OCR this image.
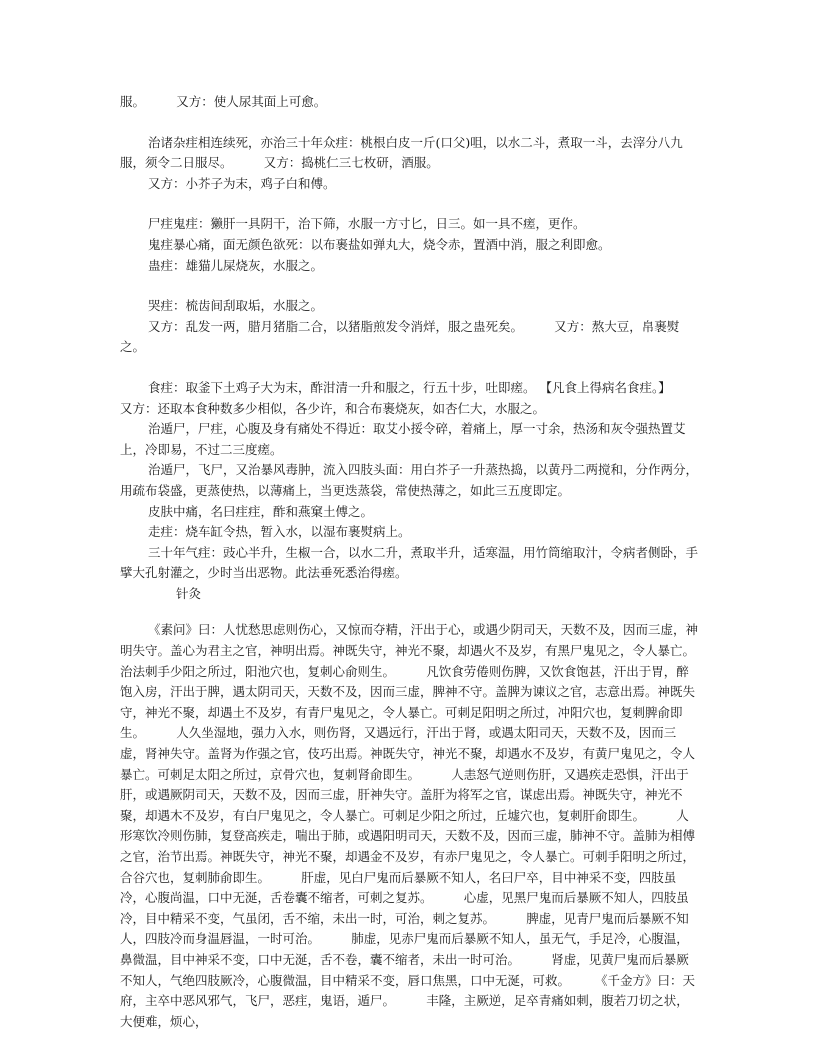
服。　　　又方：使人尿其面上可愈。

治诸杂疰相连续死，亦治三十年众疰：桃根白皮一斤(口父)咀，以水二斗，煮取一斗，去滓分八九服，须令二日服尽。　　　又方：捣桃仁三七枚研，酒服。

又方：小芥子为末，鸡子白和傅。

尸疰鬼疰：獭肝一具阴干，治下筛，水服一方寸匕，日三。如一具不瘥，更作。

鬼疰暴心痛，面无颜色欲死：以布裹盐如弹丸大，烧令赤，置酒中消，服之利即愈。

蛊疰：雄猫儿屎烧灰，水服之。

哭疰：梳齿间刮取垢，水服之。

又方：乱发一两，腊月猪脂二合，以猪脂煎发令消烊，服之蛊死矣。　　　又方：熬大豆，帛裹熨之。

食疰：取釜下土鸡子大为末，酢泔清一升和服之，行五十步，吐即瘥。 【凡食上得病名食疰。】　　又方：还取本食种数多少相似，各少许，和合布裹烧灰，如杏仁大，水服之。

治遁尸，尸疰，心腹及身有痛处不得近：取艾小挼令碎，着痛上，厚一寸余，热汤和灰令强热置艾上，冷即易，不过二三度瘥。

治遁尸，飞尸，又治暴风毒肿，流入四肢头面：用白芥子一升蒸热捣，以黄丹二两搅和，分作两分，用疏布袋盛，更蒸使热，以薄痛上，当更迭蒸袋，常使热薄之，如此三五度即定。

皮肤中痛，名曰疰疰，酢和燕窠土傅之。

走疰：烧车缸令热，暂入水，以湿布裹熨病上。

三十年气疰：豉心半升，生椒一合，以水二升，煮取半升，适寒温，用竹筒缩取汁，令病者侧卧，手擘大孔射灌之，少时当出恶物。此法垂死悉治得瘥。

针灸

《素问》曰：人忧愁思虑则伤心，又惊而夺精，汗出于心，或遇少阴司天，天数不及，因而三虚，神明失守。盖心为君主之官，神明出焉。神既失守，神光不聚，却遇火不及岁，有黑尸鬼见之，令人暴亡。治法刺手少阳之所过，阳池穴也，复刺心俞则生。　　　凡饮食劳倦则伤脾，又饮食饱甚，汗出于胃，醉饱入房，汗出于脾，遇太阴司天，天数不及，因而三虚，脾神不守。盖脾为谏议之官，志意出焉。神既失守，神光不聚，却遇土不及岁，有青尸鬼见之，令人暴亡。可刺足阳明之所过，冲阳穴也，复刺脾俞即生。　　　人久坐湿地，强力入水，则伤肾，又遇远行，汗出于肾，或遇太阳司天，天数不及，因而三虚，肾神失守。盖肾为作强之官，伎巧出焉。神既失守，神光不聚，却遇水不及岁，有黄尸鬼见之，令人暴亡。可刺足太阳之所过，京骨穴也，复刺肾俞即生。　　　人恚怒气逆则伤肝，又遇疾走恐惧，汗出于肝，或遇厥阴司天，天数不及，因而三虚，肝神失守。盖肝为将军之官，谋虑出焉。神既失守，神光不聚，却遇木不及岁，有白尸鬼见之，令人暴亡。可刺足少阳之所过，丘墟穴也，复刺肝俞即生。　　　人形寒饮冷则伤肺，复登高疾走，喘出于肺，或遇阳明司天，天数不及，因而三虚，肺神不守。盖肺为相傅之官，治节出焉。神既失守，神光不聚，却遇金不及岁，有赤尸鬼见之，令人暴亡。可刺手阳明之所过，合谷穴也，复刺肺俞即生。　　　肝虚，见白尸鬼而后暴厥不知人，名曰尸卒，目中神采不变，四肢虽冷，心腹尚温，口中无涎，舌卷囊不缩者，可刺之复苏。　　　心虚，见黑尸鬼而后暴厥不知人，四肢虽冷，目中精采不变，气虽闭，舌不缩，未出一时，可治，刺之复苏。　　　脾虚，见青尸鬼而后暴厥不知人，四肢冷而身温唇温，一时可治。　　　肺虚，见赤尸鬼而后暴厥不知人，虽无气，手足冷，心腹温，鼻微温，目中神采不变，口中无涎，舌不卷，囊不缩者，未出一时可治。　　　肾虚，见黄尸鬼而后暴厥不知人，气绝四肢厥冷，心腹微温，目中精采不变，唇口焦黑，口中无涎，可救。　　　《千金方》曰：天府，主卒中恶风邪气，飞尸，恶疰，鬼语，遁尸。　　　丰隆，主厥逆，足卒青痛如刺，腹若刀切之状，大便难，烦心，
